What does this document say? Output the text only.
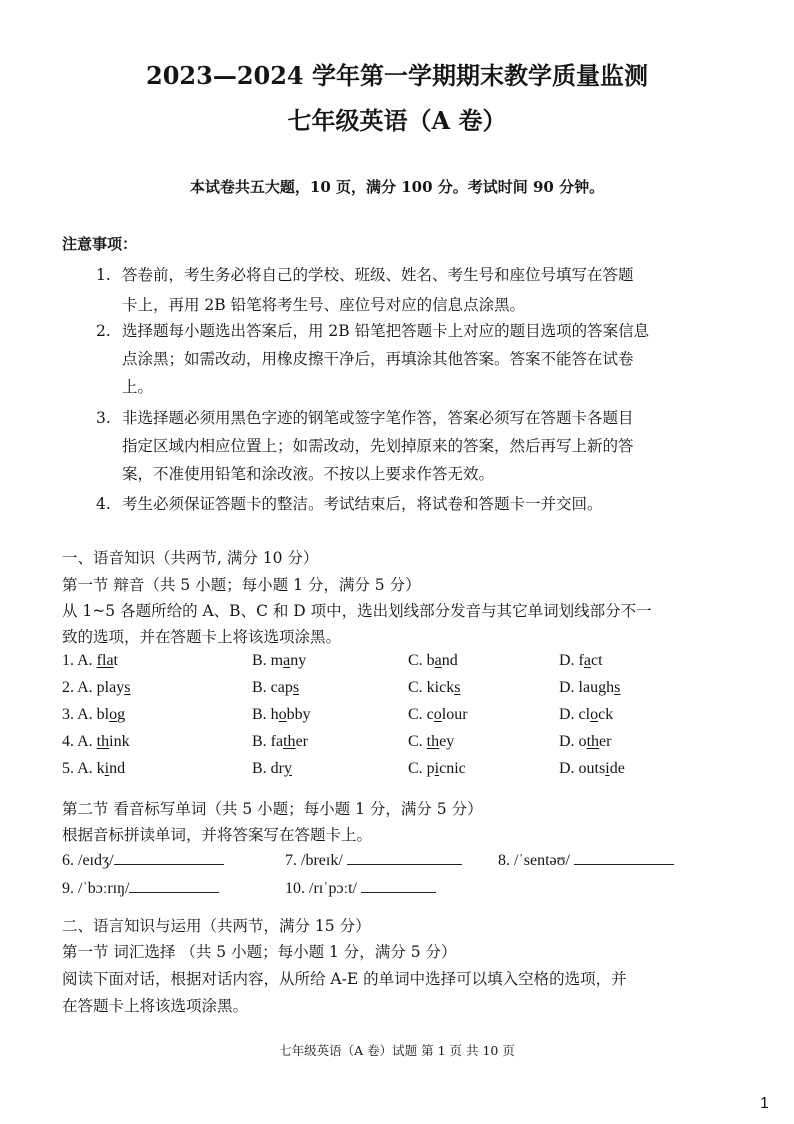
2023—2024 学年第一学期期末教学质量监测
七年级英语（A 卷）
本试卷共五大题，10 页，满分 100 分。考试时间 90 分钟。
注意事项：
1. 答卷前，考生务必将自己的学校、班级、姓名、考生号和座位号填写在答题
卡上，再用 2B 铅笔将考生号、座位号对应的信息点涂黑。
2. 选择题每小题选出答案后，用 2B 铅笔把答题卡上对应的题目选项的答案信息
点涂黑；如需改动，用橡皮擦干净后，再填涂其他答案。答案不能答在试卷
上。
3. 非选择题必须用黑色字迹的钢笔或签字笔作答，答案必须写在答题卡各题目
指定区域内相应位置上；如需改动，先划掉原来的答案，然后再写上新的答
案，不准使用铅笔和涂改液。不按以上要求作答无效。
4. 考生必须保证答题卡的整洁。考试结束后，将试卷和答题卡一并交回。
一、语音知识（共两节, 满分 10 分）
第一节 辩音（共 5 小题；每小题 1 分，满分 5 分）
从 1~5 各题所给的 A、B、C 和 D 项中，选出划线部分发音与其它单词划线部分不一
致的选项，并在答题卡上将该选项涂黑。
1. A. flat	B. many	C. band	D. fact
2. A. plays	B. caps	C. kicks	D. laughs
3. A. blog	B. hobby	C. colour	D. clock
4. A. think	B. father	C. they	D. other
5. A. kind	B. dry	C. picnic	D. outside
第二节 看音标写单词（共 5 小题；每小题 1 分，满分 5 分）
根据音标拼读单词，并将答案写在答题卡上。
6. /eɪdʒ/	7. /breɪk/	8. /ˈsentəʊ/
9. /ˈbɔːrɪŋ/	10. /rɪˈpɔːt/
二、语言知识与运用（共两节，满分 15 分）
第一节 词汇选择 （共 5 小题；每小题 1 分，满分 5 分）
阅读下面对话，根据对话内容，从所给 A-E 的单词中选择可以填入空格的选项，并
在答题卡上将该选项涂黑。
七年级英语（A 卷）试题 第 1 页 共 10 页
1
